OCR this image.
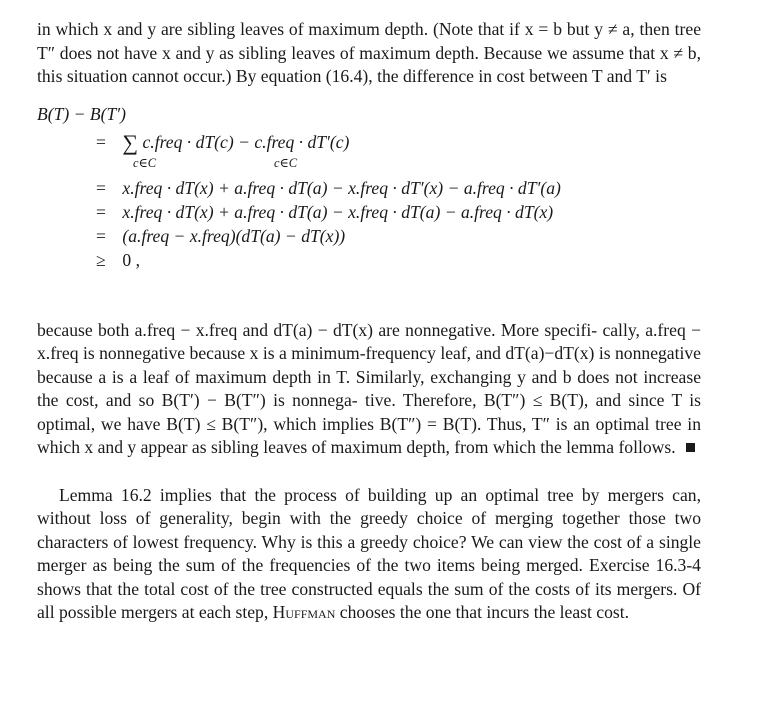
in which x and y are sibling leaves of maximum depth. (Note that if x = b but y ≠ a, then tree T″ does not have x and y as sibling leaves of maximum depth. Because we assume that x ≠ b, this situation cannot occur.) By equation (16.4), the difference in cost between T and T′ is

B(T) − B(T′)
= ∑ c.freq · dT(c) − c.freq · dT′(c)
c∈C	c∈C
= x.freq · dT(x) + a.freq · dT(a) − x.freq · dT′(x) − a.freq · dT′(a)
= x.freq · dT(x) + a.freq · dT(a) − x.freq · dT(a) − a.freq · dT(x)
= (a.freq − x.freq)(dT(a) − dT(x))
≥ 0 ,

because both a.freq − x.freq and dT(a) − dT(x) are nonnegative. More specifi- cally, a.freq − x.freq is nonnegative because x is a minimum-frequency leaf, and dT(a)−dT(x) is nonnegative because a is a leaf of maximum depth in T. Similarly, exchanging y and b does not increase the cost, and so B(T′) − B(T″) is nonnega- tive. Therefore, B(T″) ≤ B(T), and since T is optimal, we have B(T) ≤ B(T″), which implies B(T″) = B(T). Thus, T″ is an optimal tree in which x and y appear as sibling leaves of maximum depth, from which the lemma follows.

Lemma 16.2 implies that the process of building up an optimal tree by mergers can, without loss of generality, begin with the greedy choice of merging together those two characters of lowest frequency. Why is this a greedy choice? We can view the cost of a single merger as being the sum of the frequencies of the two items being merged. Exercise 16.3-4 shows that the total cost of the tree constructed equals the sum of the costs of its mergers. Of all possible mergers at each step, Huffman chooses the one that incurs the least cost.
